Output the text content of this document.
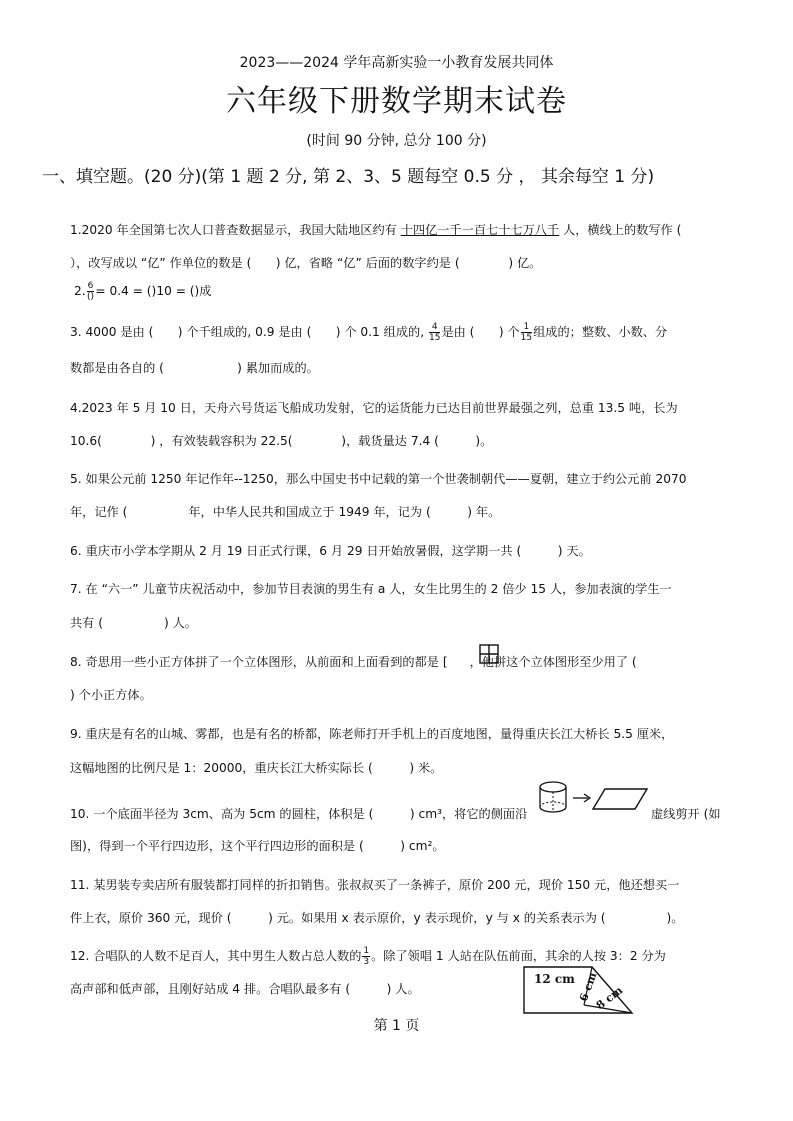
2023——2024 学年高新实验一小教育发展共同体
六年级下册数学期末试卷
(时间 90 分钟, 总分 100 分)
一、填空题。(20 分)(第 1 题 2 分, 第 2、3、5 题每空 0.5 分 ， 其余每空 1 分)
1.2020 年全国第七次人口普查数据显示，我国大陆地区约有 十四亿一千一百七十七万八千 人，横线上的数写作 (
），改写成以 “亿” 作单位的数是 (　　) 亿，省略 “亿” 后面的数字约是 (　　　　) 亿。
2. $\frac{6}{()} = 0.4 = ()10$ = ()成
3. 4000 是由 (　　) 个千组成的, 0.9 是由 (　　) 个 0.1 组成的, $\frac{4}{15}$ 是由 (　　) 个 $\frac{1}{15}$ 组成的；整数、小数、分
数都是由各自的 (　　　　　　) 累加而成的。
4.2023 年 5 月 10 日，天舟六号货运飞船成功发射，它的运货能力已达目前世界最强之列，总重 13.5 吨，长为
10.6(　　　　) ，有效装载容积为 22.5(　　　　)，载货量达 7.4 (　　　)。
5. 如果公元前 1250 年记作年--1250，那么中国史书中记载的第一个世袭制朝代——夏朝，建立于约公元前 2070
年，记作 (　　　　　年，中华人民共和国成立于 1949 年，记为 (　　　) 年。
6. 重庆市小学本学期从 2 月 19 日正式行课，6 月 29 日开始放暑假，这学期一共 (　　　) 天。
7. 在 “六一” 儿童节庆祝活动中，参加节目表演的男生有 a 人，女生比男生的 2 倍少 15 人，参加表演的学生一
共有 (　　　　　) 人。
8. 奇思用一些小正方体拼了一个立体图形，从前面和上面看到的都是 [ ，他拼这个立体图形至少用了 (
) 个小正方体。
9. 重庆是有名的山城、雾都，也是有名的桥都，陈老师打开手机上的百度地图，量得重庆长江大桥长 5.5 厘米，
这幅地图的比例尺是 1：20000，重庆长江大桥实际长 (　　　) 米。
10. 一个底面半径为 3cm、高为 5cm 的圆柱，体积是 (　　　) cm³，将它的侧面沿	虚线剪开 (如
图)，得到一个平行四边形，这个平行四边形的面积是 (　　　) cm²。
11. 某男装专卖店所有服装都打同样的折扣销售。张叔叔买了一条裤子，原价 200 元，现价 150 元，他还想买一
件上衣，原价 360 元，现价 (　　　) 元。如果用 x 表示原价，y 表示现价，y 与 x 的关系表示为 (　　　　　)。
12. 合唱队的人数不足百人，其中男生人数占总人数的 $\frac{1}{3}$ 。除了领唱 1 人站在队伍前面，其余的人按 3：2 分为
高声部和低声部，且刚好站成 4 排。合唱队最多有 (　　　) 人。
12 cm 6 cm
8 cm
第 1 页
